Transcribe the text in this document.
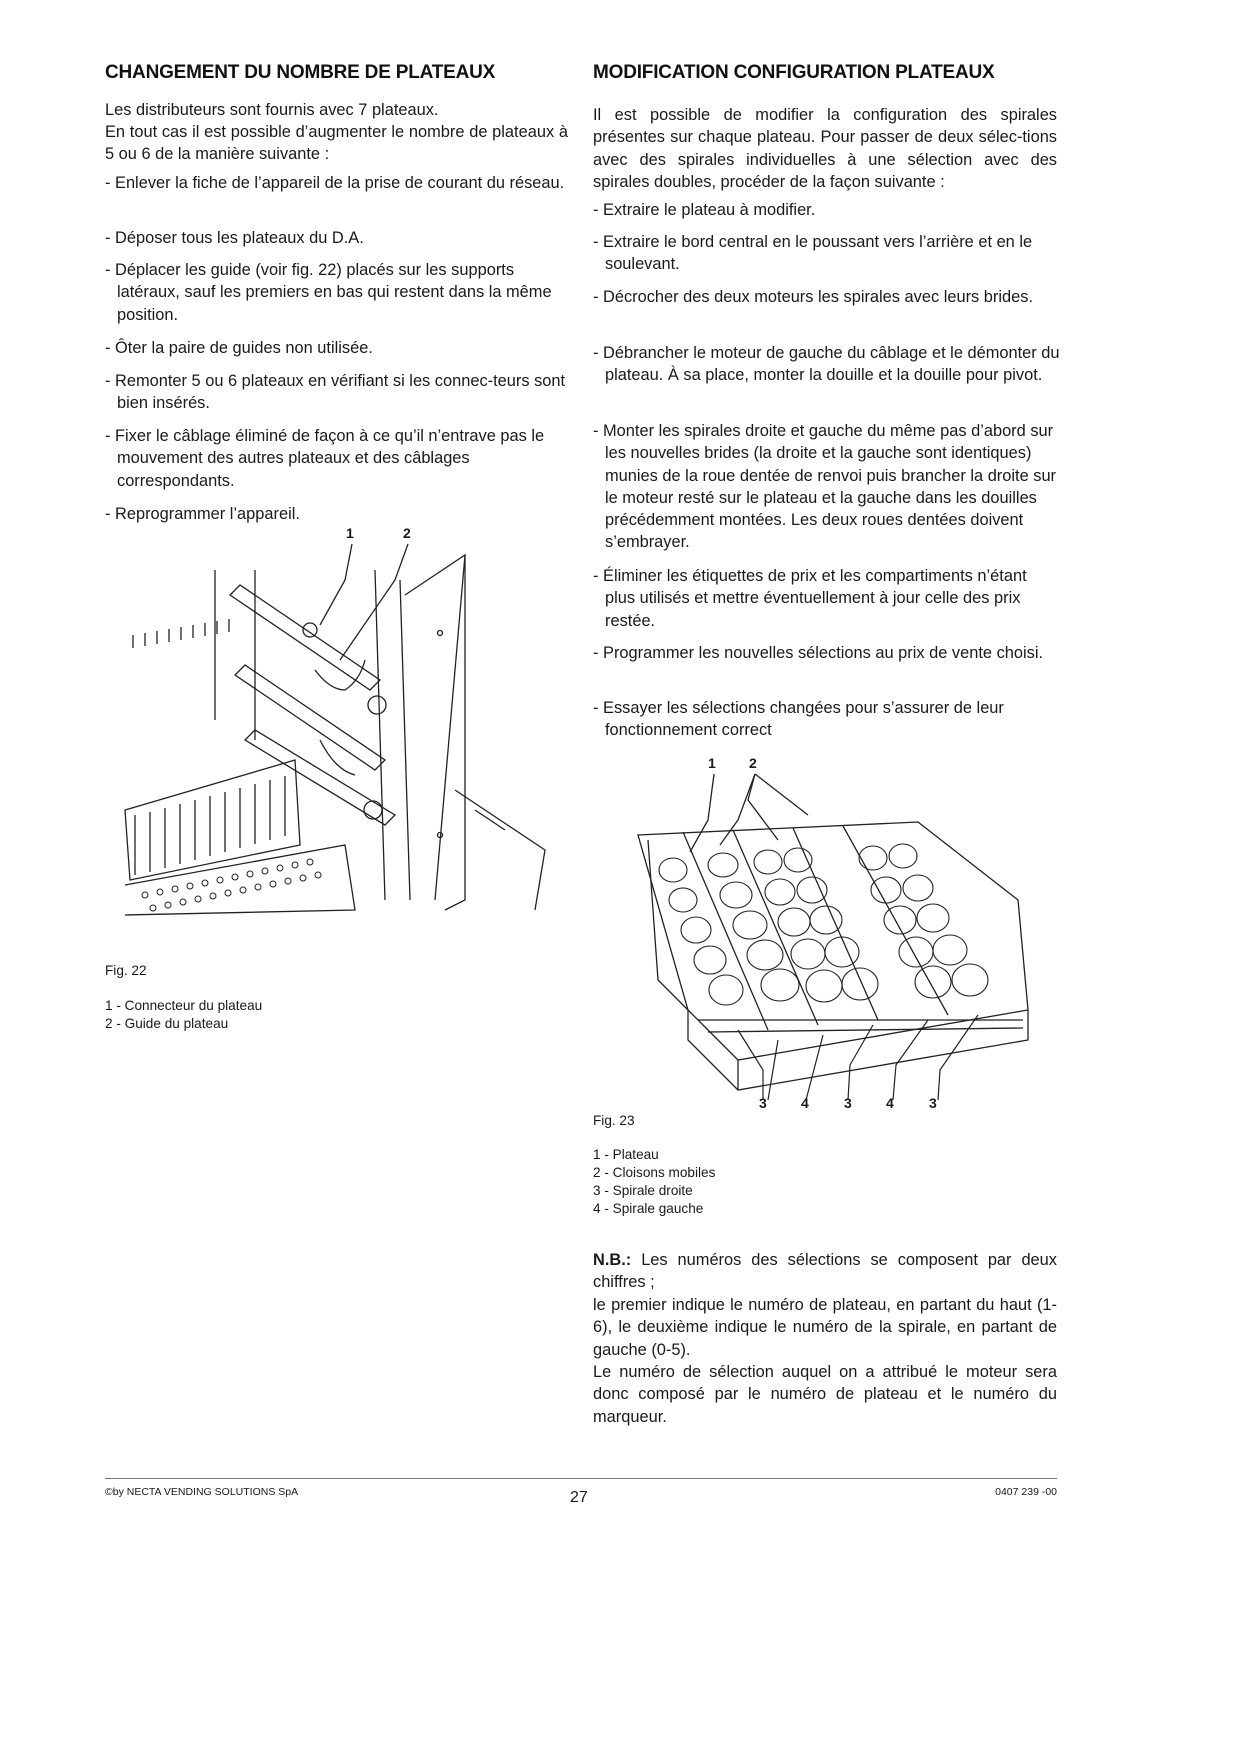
CHANGEMENT DU NOMBRE DE PLATEAUX

Les distributeurs sont fournis avec 7 plateaux.

En tout cas il est possible d’augmenter le nombre de plateaux à 5 ou 6 de la manière suivante :

- Enlever la fiche de l’appareil de la prise de courant du réseau.

- Déposer tous les plateaux du D.A.

- Déplacer les guide (voir fig. 22) placés sur les supports latéraux, sauf les premiers en bas qui restent dans la même position.

- Ôter la paire de guides non utilisée.

- Remonter 5 ou 6 plateaux en vérifiant si les connec-teurs sont bien insérés.

- Fixer le câblage éliminé de façon à ce qu’il n’entrave pas le mouvement des autres plateaux et des câblages correspondants.

- Reprogrammer l’appareil.

1	2

Fig. 22

1 - Connecteur du plateau

2 - Guide du plateau

MODIFICATION CONFIGURATION PLATEAUX

Il est possible de modifier la configuration des spirales présentes sur chaque plateau. Pour passer de deux sélec-tions avec des spirales individuelles à une sélection avec des spirales doubles, procéder de la façon suivante :

- Extraire le plateau à modifier.

- Extraire le bord central en le poussant vers l’arrière et en le soulevant.

- Décrocher des deux moteurs les spirales avec leurs brides.

- Débrancher le moteur de gauche du câblage et le démonter du plateau. À sa place, monter la douille et la douille pour pivot.

- Monter les spirales droite et gauche du même pas d’abord sur les nouvelles brides (la droite et la gauche sont identiques) munies de la roue dentée de renvoi puis brancher la droite sur le moteur resté sur le plateau et la gauche dans les douilles précédemment montées. Les deux roues dentées doivent s’embrayer.

- Éliminer les étiquettes de prix et les compartiments n’étant plus utilisés et mettre éventuellement à jour celle des prix restée.

- Programmer les nouvelles sélections au prix de vente choisi.

- Essayer les sélections changées pour s’assurer de leur fonctionnement correct

1 2
3 4	3 4	3

Fig. 23

1 - Plateau

2 - Cloisons mobiles

3 - Spirale droite

4 - Spirale gauche

N.B.: Les numéros des sélections se composent par deux chiffres ;

le premier indique le numéro de plateau, en partant du haut (1-6), le deuxième indique le numéro de la spirale, en partant de gauche (0-5).

Le numéro de sélection auquel on a attribué le moteur sera donc composé par le numéro de plateau et le numéro du marqueur.

©by NECTA VENDING SOLUTIONS SpA	27	0407 239 -00
